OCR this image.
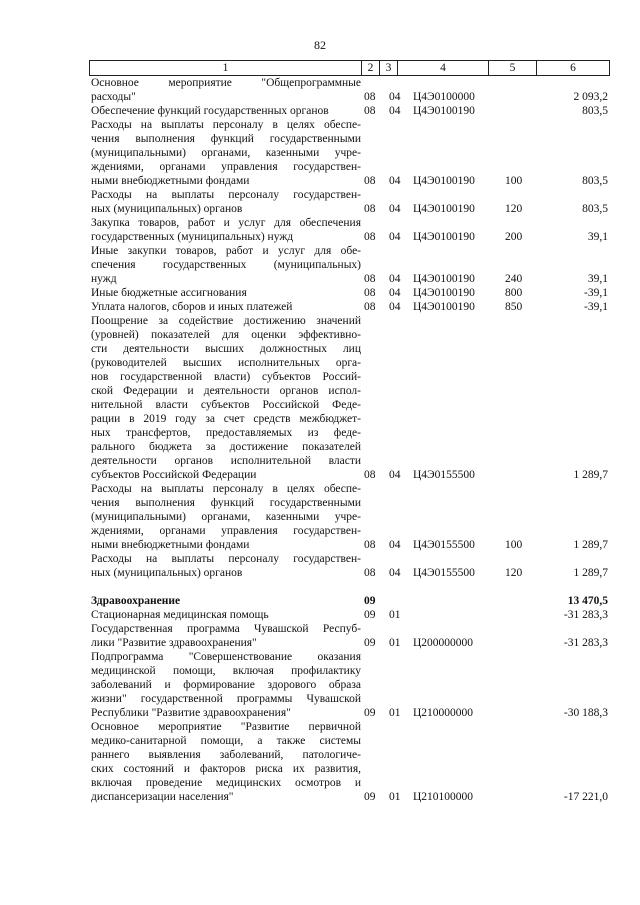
82
1	2	3	4	5	6
Основное мероприятие "Общепрограммные
расходы"	08 04 Ц4Э0100000	2 093,2
Обеспечение функций государственных органов	08 04 Ц4Э0100190	803,5
Расходы на выплаты персоналу в целях обеспе-
чения выполнения функций государственными
(муниципальными) органами, казенными учре-
ждениями, органами управления государствен-
ными внебюджетными фондами	08 04 Ц4Э0100190	100	803,5
Расходы на выплаты персоналу государствен-
ных (муниципальных) органов	08 04 Ц4Э0100190	120	803,5
Закупка товаров, работ и услуг для обеспечения
государственных (муниципальных) нужд	08 04 Ц4Э0100190	200	39,1
Иные закупки товаров, работ и услуг для обе-
спечения государственных (муниципальных)
нужд	08 04 Ц4Э0100190	240	39,1
Иные бюджетные ассигнования	08 04 Ц4Э0100190	800	-39,1
Уплата налогов, сборов и иных платежей	08 04 Ц4Э0100190	850	-39,1
Поощрение за содействие достижению значений
(уровней) показателей для оценки эффективно-
сти деятельности высших должностных лиц
(руководителей высших исполнительных орга-
нов государственной власти) субъектов Россий-
ской Федерации и деятельности органов испол-
нительной власти субъектов Российской Феде-
рации в 2019 году за счет средств межбюджет-
ных трансфертов, предоставляемых из феде-
рального бюджета за достижение показателей
деятельности органов исполнительной власти
субъектов Российской Федерации	08 04 Ц4Э0155500	1 289,7
Расходы на выплаты персоналу в целях обеспе-
чения выполнения функций государственными
(муниципальными) органами, казенными учре-
ждениями, органами управления государствен-
ными внебюджетными фондами	08 04 Ц4Э0155500	100	1 289,7
Расходы на выплаты персоналу государствен-
ных (муниципальных) органов	08 04 Ц4Э0155500	120	1 289,7
Здравоохранение	09	13 470,5
Стационарная медицинская помощь	09 01	-31 283,3
Государственная программа Чувашской Респуб-
лики "Развитие здравоохранения"	09 01 Ц200000000	-31 283,3
Подпрограмма "Совершенствование оказания
медицинской помощи, включая профилактику
заболеваний и формирование здорового образа
жизни" государственной программы Чувашской
Республики "Развитие здравоохранения"	09 01 Ц210000000	-30 188,3
Основное мероприятие "Развитие первичной
медико-санитарной помощи, а также системы
раннего выявления заболеваний, патологиче-
ских состояний и факторов риска их развития,
включая проведение медицинских осмотров и
диспансеризации населения"	09 01 Ц210100000	-17 221,0
